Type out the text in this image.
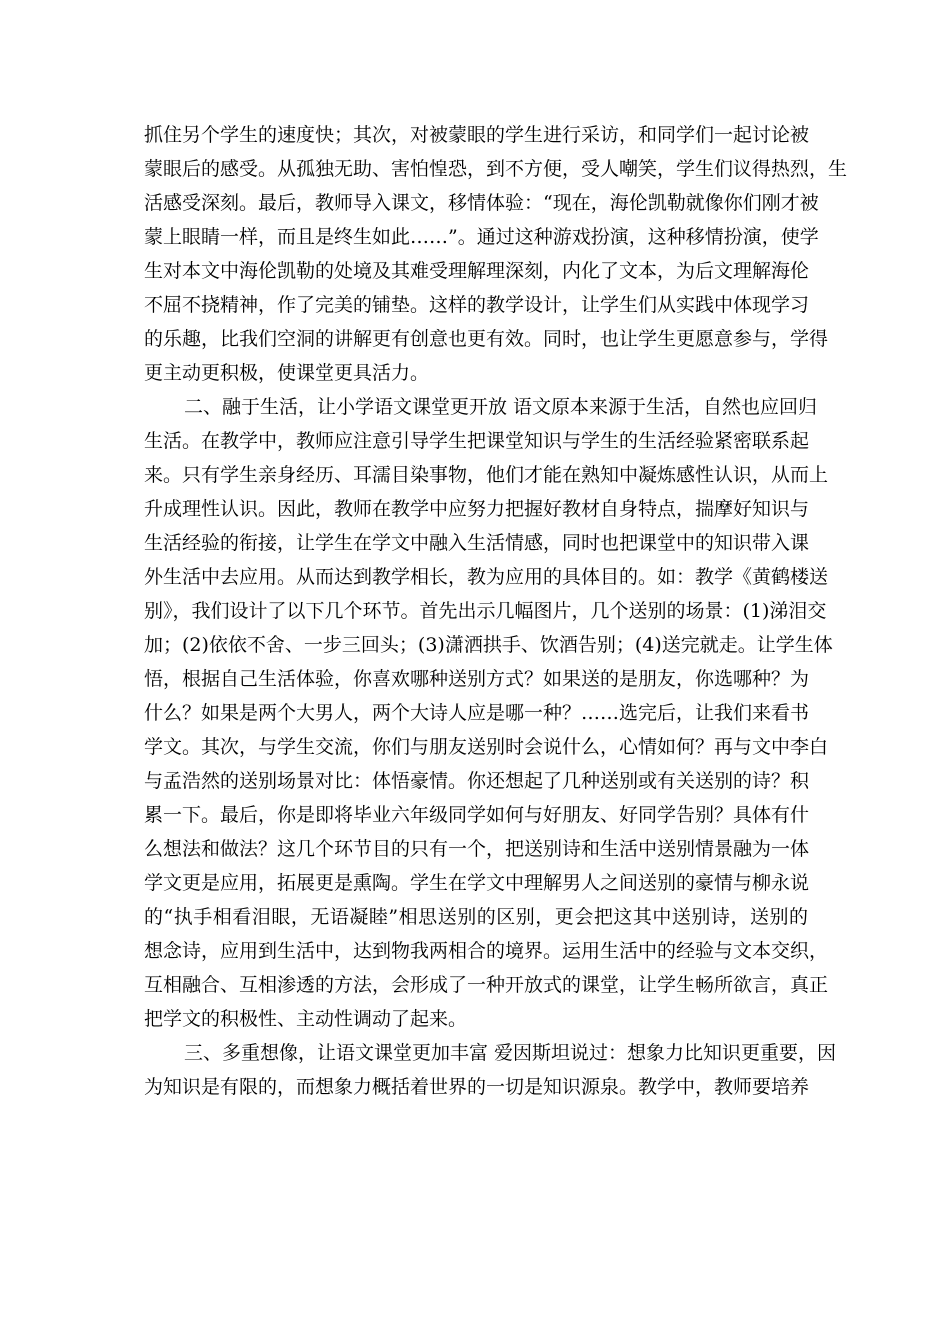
抓住另个学生的速度快；其次，对被蒙眼的学生进行采访，和同学们一起讨论被
蒙眼后的感受。从孤独无助、害怕惶恐，到不方便，受人嘲笑，学生们议得热烈，生
活感受深刻。最后，教师导入课文，移情体验：“现在，海伦凯勒就像你们刚才被
蒙上眼睛一样，而且是终生如此……”。通过这种游戏扮演，这种移情扮演，使学
生对本文中海伦凯勒的处境及其难受理解理深刻，内化了文本，为后文理解海伦
不屈不挠精神，作了完美的铺垫。这样的教学设计，让学生们从实践中体现学习
的乐趣，比我们空洞的讲解更有创意也更有效。同时，也让学生更愿意参与，学得
更主动更积极，使课堂更具活力。
二、融于生活，让小学语文课堂更开放 语文原本来源于生活，自然也应回归
生活。在教学中，教师应注意引导学生把课堂知识与学生的生活经验紧密联系起
来。只有学生亲身经历、耳濡目染事物，他们才能在熟知中凝炼感性认识，从而上
升成理性认识。因此，教师在教学中应努力把握好教材自身特点，揣摩好知识与
生活经验的衔接，让学生在学文中融入生活情感，同时也把课堂中的知识带入课
外生活中去应用。从而达到教学相长，教为应用的具体目的。如：教学《黄鹤楼送
别》，我们设计了以下几个环节。首先出示几幅图片，几个送别的场景：(1)涕泪交
加；(2)依依不舍、一步三回头；(3)潇洒拱手、饮酒告别；(4)送完就走。让学生体
悟，根据自己生活体验，你喜欢哪种送别方式？如果送的是朋友，你选哪种？为
什么？如果是两个大男人，两个大诗人应是哪一种？……选完后，让我们来看书
学文。其次，与学生交流，你们与朋友送别时会说什么，心情如何？再与文中李白
与孟浩然的送别场景对比：体悟豪情。你还想起了几种送别或有关送别的诗？积
累一下。最后，你是即将毕业六年级同学如何与好朋友、好同学告别？具体有什
么想法和做法？这几个环节目的只有一个，把送别诗和生活中送别情景融为一体
学文更是应用，拓展更是熏陶。学生在学文中理解男人之间送别的豪情与柳永说
的“执手相看泪眼，无语凝睦”相思送别的区别，更会把这其中送别诗，送别的
想念诗，应用到生活中，达到物我两相合的境界。运用生活中的经验与文本交织，
互相融合、互相渗透的方法，会形成了一种开放式的课堂，让学生畅所欲言，真正
把学文的积极性、主动性调动了起来。
三、多重想像，让语文课堂更加丰富 爱因斯坦说过：想象力比知识更重要，因
为知识是有限的，而想象力概括着世界的一切是知识源泉。教学中，教师要培养
